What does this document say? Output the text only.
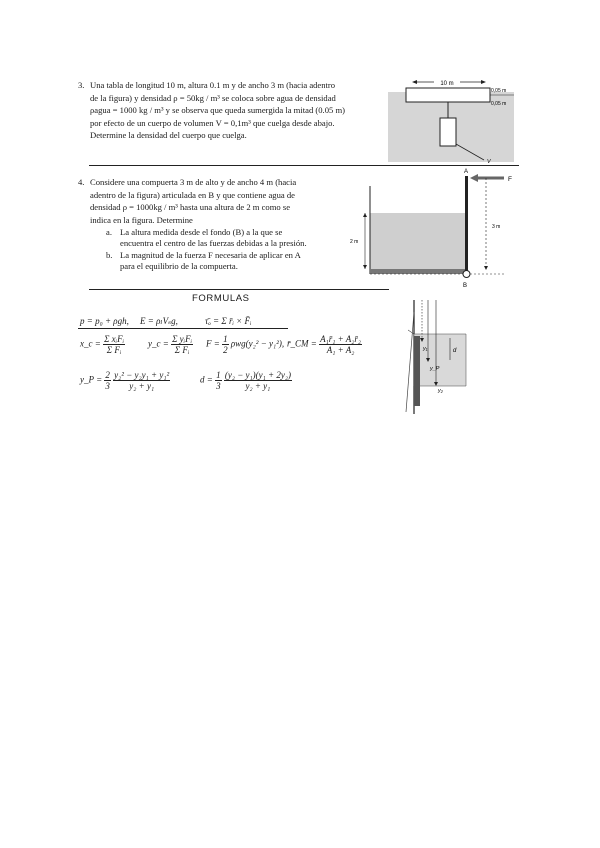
3. Una tabla de longitud 10 m, altura 0.1 m y de ancho 3 m (hacia adentro
de la figura) y densidad ρ = 50kg / m³ se coloca sobre agua de densidad
ρagua = 1000 kg / m³ y se observa que queda sumergida la mitad (0.05 m)
por efecto de un cuerpo de volumen V = 0,1m³ que cuelga desde abajo.
Determine la densidad del cuerpo que cuelga.
10 m
0,05 m
0,05 m
V
4. Considere una compuerta 3 m de alto y de ancho 4 m (hacia
adentro de la figura) articulada en B y que contiene agua de
densidad ρ = 1000kg / m³ hasta una altura de 2 m como se
indica en la figura. Determine
a. La altura medida desde el fondo (B) a la que se
encuentra el centro de las fuerzas debidas a la presión.
b. La magnitud de la fuerza F necesaria de aplicar en A
para el equilibrio de la compuerta.
A
B
F
2 m
3 m
FORMULAS
p = p₀ + ρgh, E = ρₗVₛg,	τ̄ₒ = Σ r̄ᵢ × F̄ᵢ
x_c = $\frac{\text{Σ xᵢFᵢ}}{\text{Σ Fᵢ}}$	y_c = $\frac{\text{Σ yᵢFᵢ}}{\text{Σ Fᵢ}}$ $F = \frac{1}{2} \rho wg(y_2^2 - y_1^2)$, r̄_CM = $\frac{\text{A₁r̄₁ + A₂r̄₂}}{\text{A₁ + A₂}}$
y_P = $\frac{2}{3}$
$\frac{\text{y₂² − y₂y₁ + y₁²}}{\text{y₂ + y₁}}$	$d = \frac{1}{3}$
$\frac{\text{(y₂ − y₁)(y₁ + 2y₂)}}{\text{y₂ + y₁}}$
y₁	d
y_P
y₂
